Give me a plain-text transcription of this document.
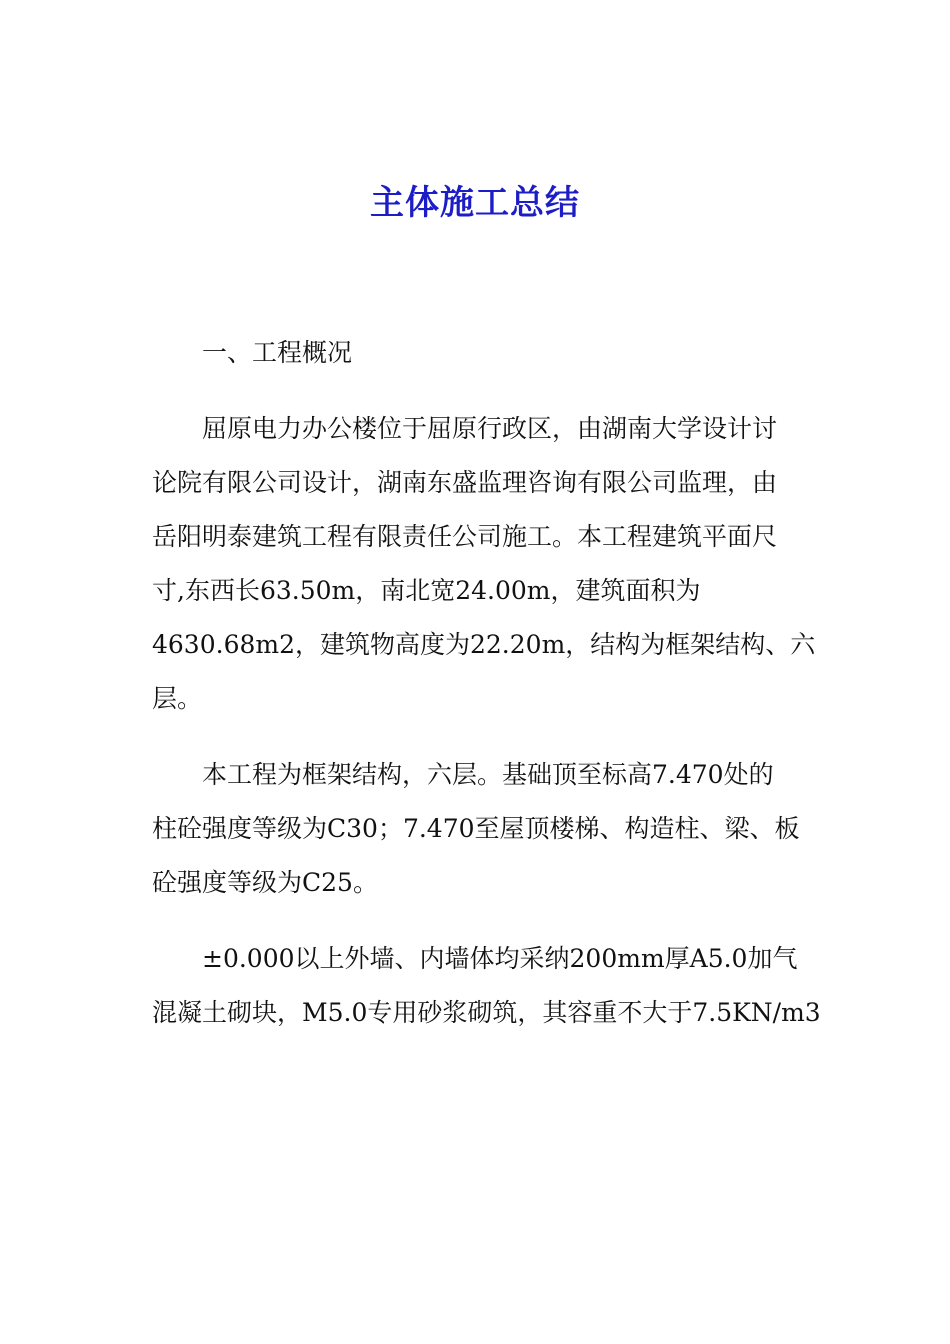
主体施工总结
一、工程概况
屈原电力办公楼位于屈原行政区，由湖南大学设计讨
论院有限公司设计，湖南东盛监理咨询有限公司监理，由
岳阳明泰建筑工程有限责任公司施工。本工程建筑平面尺
寸,东西长63.50m，南北宽24.00m，建筑面积为
4630.68m2，建筑物高度为22.20m，结构为框架结构、六
层。
本工程为框架结构，六层。基础顶至标高7.470处的
柱砼强度等级为C30；7.470至屋顶楼梯、构造柱、梁、板
砼强度等级为C25。
±0.000以上外墙、内墙体均采纳200mm厚A5.0加气
混凝土砌块，M5.0专用砂浆砌筑，其容重不大于7.5KN/m3
